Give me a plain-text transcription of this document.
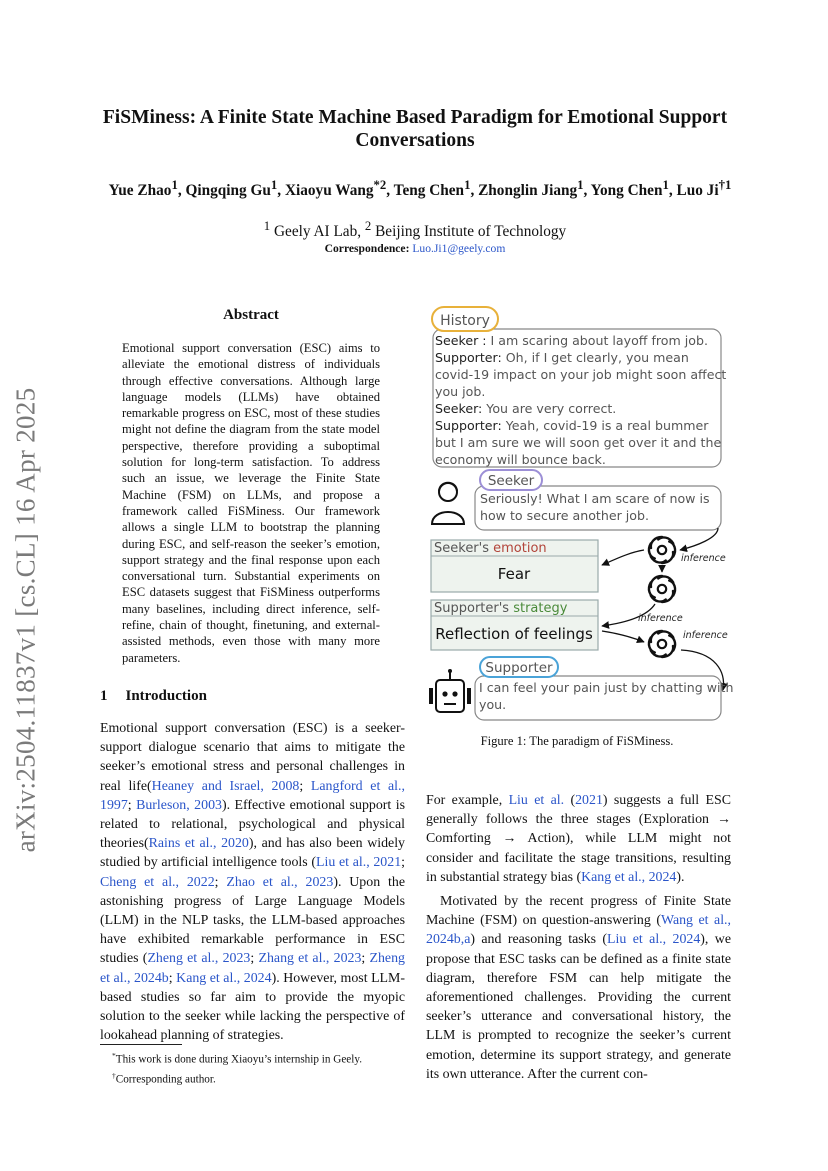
arXiv:2504.11837v1 [cs.CL] 16 Apr 2025
FiSMiness: A Finite State Machine Based Paradigm for Emotional Support
Conversations
Yue Zhao$^1$, Qingqing Gu$^1$, Xiaoyu Wang$^{*2}$, Teng Chen$^1$, Zhonglin Jiang$^1$, Yong Chen$^1$, Luo Ji$^{\dagger 1}$
$^1$ Geely AI Lab, $^2$ Beijing Institute of Technology
Correspondence: Luo.Ji1@geely.com
Abstract
Emotional support conversation (ESC) aims to alleviate the emotional distress of individuals through effective conversations. Although large language models (LLMs) have obtained remarkable progress on ESC, most of these studies might not define the diagram from the state model perspective, therefore providing a suboptimal solution for long-term satisfaction. To address such an issue, we leverage the Finite State Machine (FSM) on LLMs, and propose a framework called FiSMiness. Our framework allows a single LLM to bootstrap the planning during ESC, and self-reason the seeker’s emotion, support strategy and the final response upon each conversational turn. Substantial experiments on ESC datasets suggest that FiSMiness outperforms many baselines, including direct inference, self-refine, chain of thought, finetuning, and external-assisted methods, even those with many more parameters.
1 Introduction
Emotional support conversation (ESC) is a seeker-support dialogue scenario that aims to mitigate the seeker’s emotional stress and personal challenges in real life(Heaney and Israel, 2008; Langford et al., 1997; Burleson, 2003). Effective emotional support is related to relational, psychological and physical theories(Rains et al., 2020), and has also been widely studied by artificial intelligence tools (Liu et al., 2021; Cheng et al., 2022; Zhao et al., 2023). Upon the astonishing progress of Large Language Models (LLM) in the NLP tasks, the LLM-based approaches have exhibited remarkable performance in ESC studies (Zheng et al., 2023; Zhang et al., 2023; Zheng et al., 2024b; Kang et al., 2024). However, most LLM-based studies so far aim to provide the myopic solution to the seeker while lacking the perspective of lookahead planning of strategies.
*This work is done during Xiaoyu’s internship in Geely.
†Corresponding author.
History
Seeker : I am scaring about layoff from job.
Supporter: Oh, if I get clearly, you mean
covid-19 impact on your job might soon affect
you job.
Seeker: You are very correct.
Supporter: Yeah, covid-19 is a real bummer
but I am sure we will soon get over it and the
economy will bounce back.
Seeker
Seriously! What I am scare of now is
how to secure another job.
Seeker's emotion
Fear
Supporter's strategy
Reflection of feelings
inference
inference
inference
Supporter
I can feel your pain just by chatting with
you.
Figure 1: The paradigm of FiSMiness.

For example, Liu et al. (2021) suggests a full ESC generally follows the three stages (Exploration → Comforting → Action), while LLM might not consider and facilitate the stage transitions, resulting in substantial strategy bias (Kang et al., 2024).

Motivated by the recent progress of Finite State Machine (FSM) on question-answering (Wang et al., 2024b,a) and reasoning tasks (Liu et al., 2024), we propose that ESC tasks can be defined as a finite state diagram, therefore FSM can help mitigate the aforementioned challenges. Providing the current seeker’s utterance and conversational history, the LLM is prompted to recognize the seeker’s current emotion, determine its support strategy, and generate its own utterance. After the current con-
